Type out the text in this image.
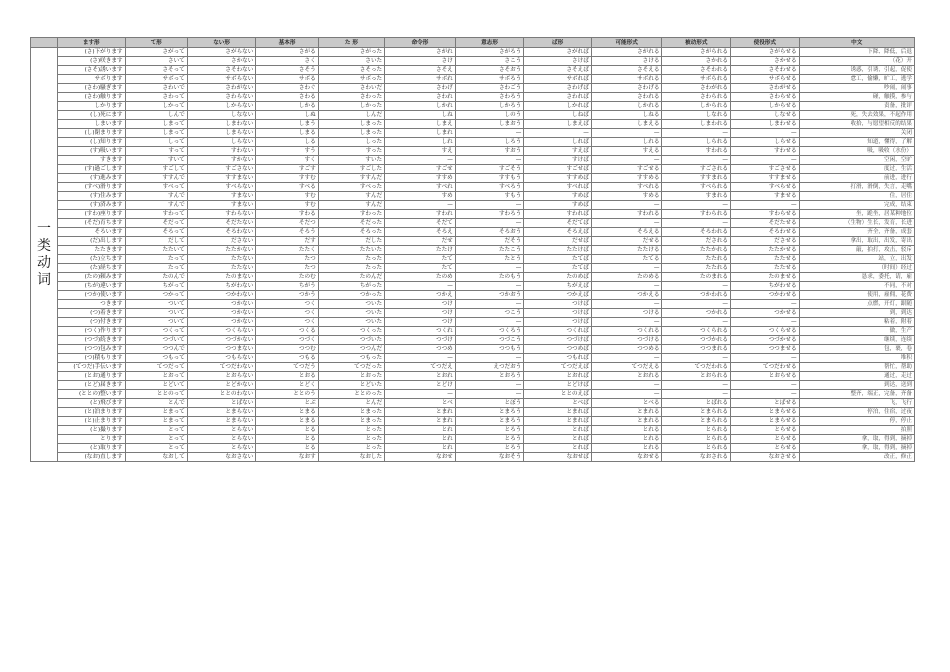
	ます形	て形	ない形	基本形	た 形	命令形	意志形	ば形	可能形式	被动形式	使役形式	中文

一
类
动
词	(さ)下がります	さがって	さがらない	さがる	さがった	さがれ	さがろう	さがれば	さがれる	さがられる	さがらせる	下降、降低，后退
	(さ)咲きます	さいて	さかない	さく	さいた	さけ	さこう	さけば	さける	さかれる	さかせる	（花）开
	(さそ)誘います	さそって	さそわない	さそう	さそった	さそえ	さそおう	さそえば	さそえる	さそわれる	さそわせる	诱惑，引诱，引起，促使
	サボります	サボって	サボらない	サボる	サボった	サボれ	サボろう	サボれば	サボれる	サボられる	サボらせる	怠工，偷懒，旷工，逃学
	(さわ)騒ぎます	さわいで	さわがない	さわぐ	さわいだ	さわげ	さわごう	さわげば	さわげる	さわがれる	さわがせる	吵闹，闹事
	(さわ)触ります	さわって	さわらない	さわる	さわった	さわれ	さわろう	さわれば	さわれる	さわられる	さわらせる	碰，触摸，参与
	しかります	しかって	しからない	しかる	しかった	しかれ	しかろう	しかれば	しかれる	しかられる	しからせる	责备，批评
	(し)死にます	しんで	しなない	しぬ	しんだ	しね	しのう	しねば	しねる	しなれる	しなせる	死，失去效果，不起作用
	しまいます	しまって	しまわない	しまう	しまった	しまえ	しまおう	しまえば	しまえる	しまわれる	しまわせる	收拾，与愿望相反的结果
	(し)閉まります	しまって	しまらない	しまる	しまった	しまれ	—	—	—	—	—	关闭
	(し)知ります	しって	しらない	しる	しった	しれ	しろう	しれば	しれる	しられる	しらせる	知道，懂得，了解
	(す)吸います	すって	すわない	すう	すった	すえ	すおう	すえば	すえる	すわれる	すわせる	吸，吸收（水份）
	すきます	すいて	すかない	すく	すいた	—	—	すけば	—	—	—	空闲，空旷
	(す)過ごします	すごして	すごさない	すごす	すごした	すごせ	すごそう	すごせば	すごせる	すごされる	すごさせる	度过，生活
	(す)進みます	すすんで	すすまない	すすむ	すすんだ	すすめ	すすもう	すすめば	すすめる	すすまれる	すすませる	前进，进行
	(すべ)滑ります	すべって	すべらない	すべる	すべった	すべれ	すべろう	すべれば	すべれる	すべられる	すべらせる	打滑，滑倒，失言，走嘴
	(す)住みます	すんで	すまない	すむ	すんだ	すめ	すもう	すめば	すめる	すまれる	すませる	住，居住
	(す)済みます	すんで	すまない	すむ	すんだ	—	—	すめば	—	—	—	完成，结束
	(すわ)座ります	すわって	すわらない	すわる	すわった	すわれ	すわろう	すわれば	すわれる	すわられる	すわらせる	坐，跪坐，居某种地位
	(そだ)育ちます	そだって	そだたない	そだつ	そだった	そだて	—	そだてば	—	—	そだたせる	（生物）生长，发育，长进
	そろいます	そろって	そろわない	そろう	そろった	そろえ	そろおう	そろえば	そろえる	そろわれる	そろわせる	齐全，齐备，成套
	(だ)出します	だして	ださない	だす	だした	だせ	だそう	だせば	だせる	だされる	ださせる	拿出，取出，出发，寄出
	たたきます	たたいて	たたかない	たたく	たたいた	たたけ	たたこう	たたけば	たたける	たたかれる	たたかせる	敲，拍打，攻击，驳斥
	(た)立ちます	たって	たたない	たつ	たった	たて	たとう	たてば	たてる	たたれる	たたせる	站，立，出发
	(た)経ちます	たって	たたない	たつ	たった	たて	—	たてば	—	たたれる	たたせる	（时间）经过
	(たの)頼みます	たのんで	たのまない	たのむ	たのんだ	たのめ	たのもう	たのめば	たのめる	たのまれる	たのませる	恳求，委托，请，雇
	(ちが)違います	ちがって	ちがわない	ちがう	ちがった	—	—	ちがえば	—	—	ちがわせる	不同，不对
	(つか)使います	つかって	つかわない	つかう	つかった	つかえ	つかおう	つかえば	つかえる	つかわれる	つかわせる	使用，雇佣，花费
	つきます	ついて	つかない	つく	ついた	つけ	—	つけば	—	—	—	点燃，开灯，跟随
	(つ)着きます	ついて	つかない	つく	ついた	つけ	つこう	つけば	つける	つかれる	つかせる	到，到达
	(つ)付きます	ついて	つかない	つく	ついた	つけ	—	つけば	—	—	—	粘着，附着
	(つく)作ります	つくって	つくらない	つくる	つくった	つくれ	つくろう	つくれば	つくれる	つくられる	つくらせる	做，生产
	(つづ)続きます	つづいて	つづかない	つづく	つづいた	つづけ	つづこう	つづけば	つづける	つづかれる	つづかせる	继续，连续
	(つつ)包みます	つつんで	つつまない	つつむ	つつんだ	つつめ	つつもう	つつめば	つつめる	つつまれる	つつませる	包，裹，卷
	(つ)積もります	つもって	つもらない	つもる	つもった	—	—	つもれば	—	—	—	堆积
	(てつだ)手伝います	てつだって	てつだわない	てつだう	てつだった	てつだえ	えつだおう	てつだえば	てつだえる	てつだわれる	てつだわせる	帮忙，帮助
	(とお)通ります	とおって	とおらない	とおる	とおった	とおれ	とおろう	とおれば	とおれる	とおられる	とおらせる	通过，走过
	(とど)届きます	とどいて	とどかない	とどく	とどいた	とどけ	—	とどけば	—	—	—	到达，送到
	(ととの)整います	ととのって	ととのわない	ととのう	ととのった	—	—	ととのえば	—	—	—	整齐，端正，完备，齐备
	(と)飛びます	とんで	とばない	とぶ	とんだ	とべ	とぼう	とべば	とべる	とばれる	とばせる	飞，飞行
	(と)泊まります	とまって	とまらない	とまる	とまった	とまれ	とまろう	とまれば	とまれる	とまられる	とまらせる	停泊，住宿，过夜
	(と)止まります	とまって	とまらない	とまる	とまった	とまれ	とまろう	とまれば	とまれる	とまられる	とまらせる	停，停止
	(と)撮ります	とって	とらない	とる	とった	とれ	とろう	とれば	とれる	とられる	とらせる	拍照
	とります	とって	とらない	とる	とった	とれ	とろう	とれば	とれる	とられる	とらせる	拿，取，得到，摘掉
	(と)取ります	とって	とらない	とる	とった	とれ	とろう	とれば	とれる	とられる	とらせる	拿，取，得到，摘掉
	(なお)直します	なおして	なおさない	なおす	なおした	なおせ	なおそう	なおせば	なおせる	なおされる	なおさせる	改正，修正
